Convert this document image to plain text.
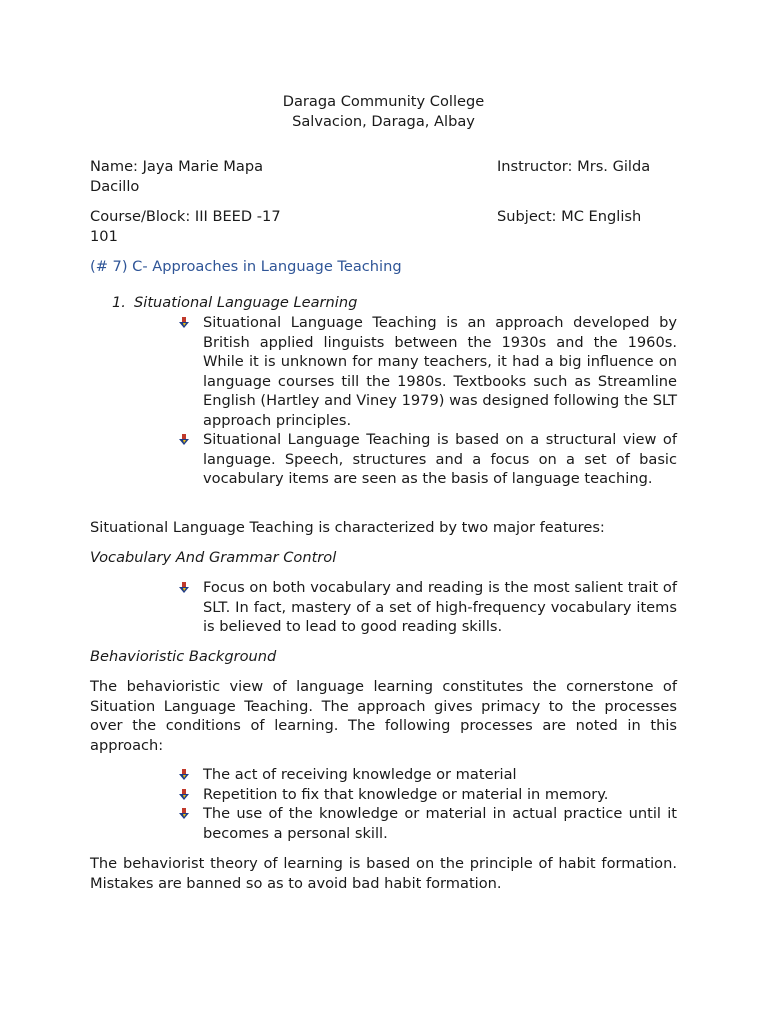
Daraga Community College
Salvacion, Daraga, Albay
Name: Jaya Marie Mapa
Dacillo
Instructor: Mrs. Gilda
Course/Block: III BEED -17
101
Subject: MC English
(# 7) C- Approaches in Language Teaching
1. Situational Language Learning
Situational Language Teaching is an approach developed by British applied linguists between the 1930s and the 1960s. While it is unknown for many teachers, it had a big influence on language courses till the 1980s. Textbooks such as Streamline English (Hartley and Viney 1979) was designed following the SLT approach principles.
Situational Language Teaching is based on a structural view of language. Speech, structures and a focus on a set of basic vocabulary items are seen as the basis of language teaching.
Situational Language Teaching is characterized by two major features:
Vocabulary And Grammar Control
Focus on both vocabulary and reading is the most salient trait of SLT. In fact, mastery of a set of high-frequency vocabulary items is believed to lead to good reading skills.
Behavioristic Background
The behavioristic view of language learning constitutes the cornerstone of Situation Language Teaching. The approach gives primacy to the processes over the conditions of learning. The following processes are noted in this approach:
The act of receiving knowledge or material
Repetition to fix that knowledge or material in memory.
The use of the knowledge or material in actual practice until it becomes a personal skill.
The behaviorist theory of learning is based on the principle of habit formation. Mistakes are banned so as to avoid bad habit formation.
